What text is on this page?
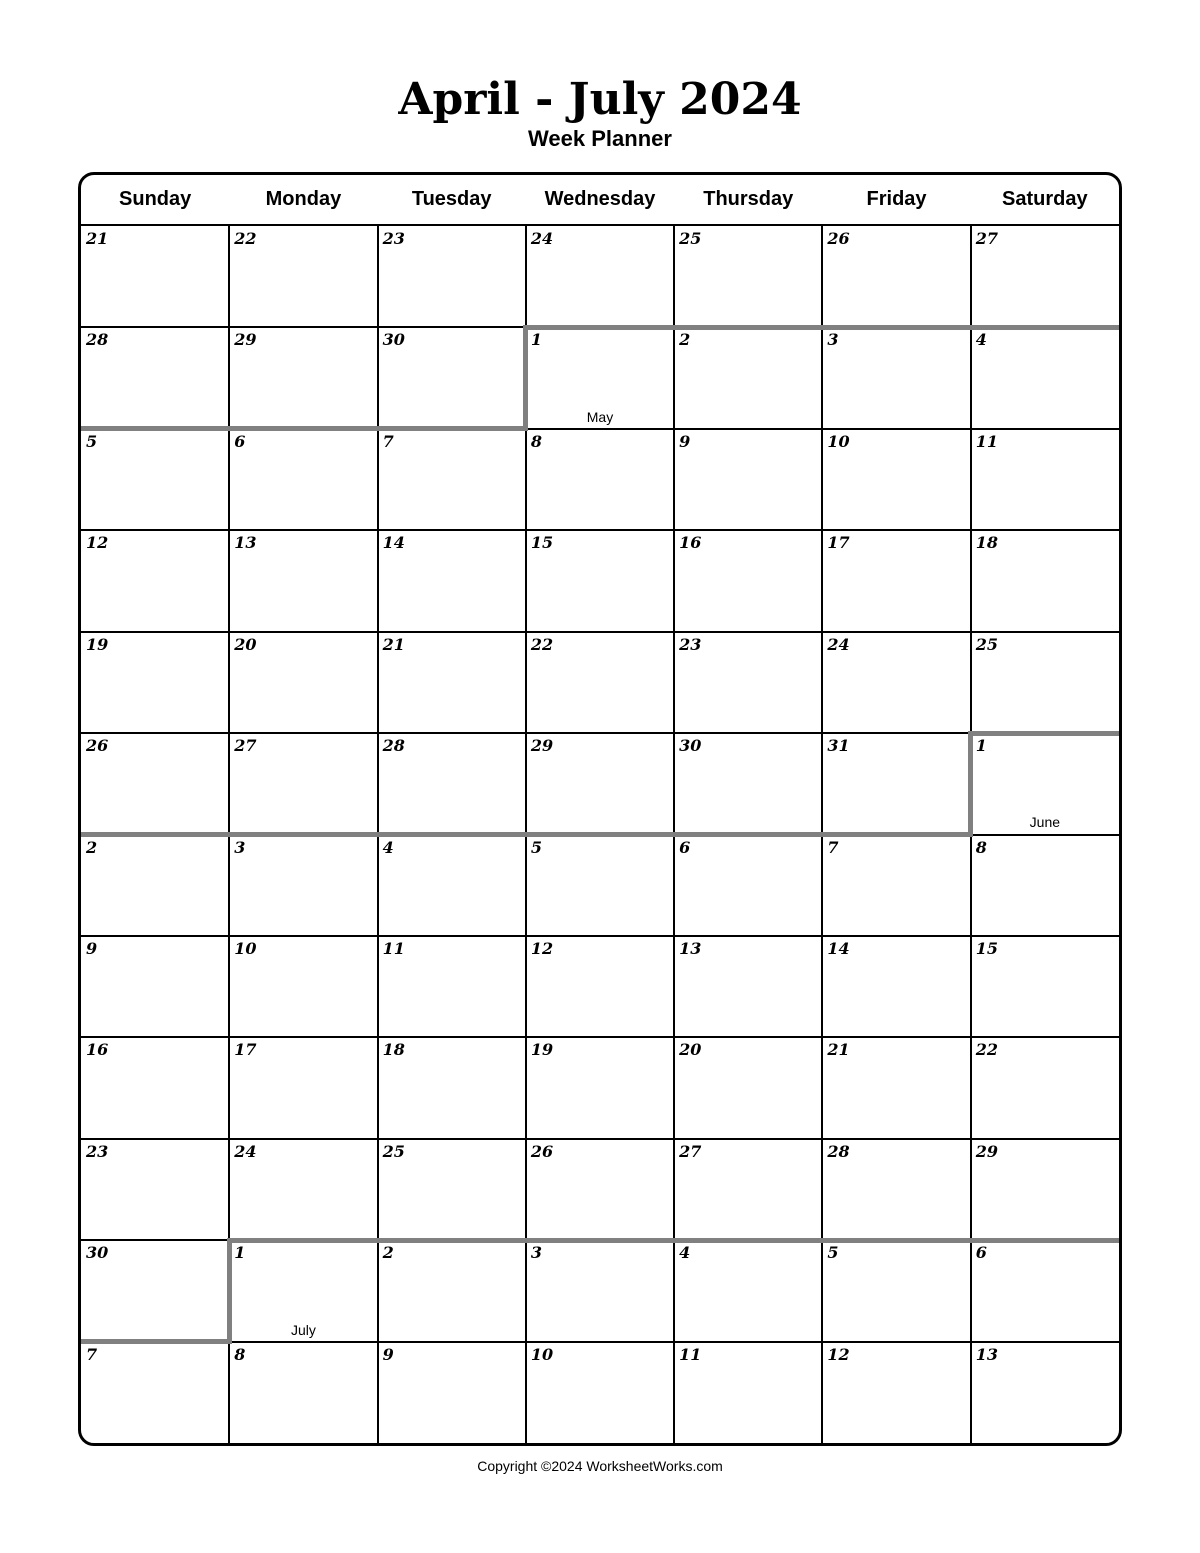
April - July 2024
Week Planner
Sunday	Monday	Tuesday	Wednesday	Thursday	Friday	Saturday
21	22	23	24	25	26	27
28	29	30	1	2	3	4
5	6	7	8	9	10	11
12	13	14	15	16	17	18
19	20	21	22	23	24	25
26	27	28	29	30	31	1
2	3	4	5	6	7	8
9	10	11	12	13	14	15
16	17	18	19	20	21	22
23	24	25	26	27	28	29
30	1	2	3	4	5	6
7	8	9	10	11	12	13
May
June
July
Copyright ©2024 WorksheetWorks.com
